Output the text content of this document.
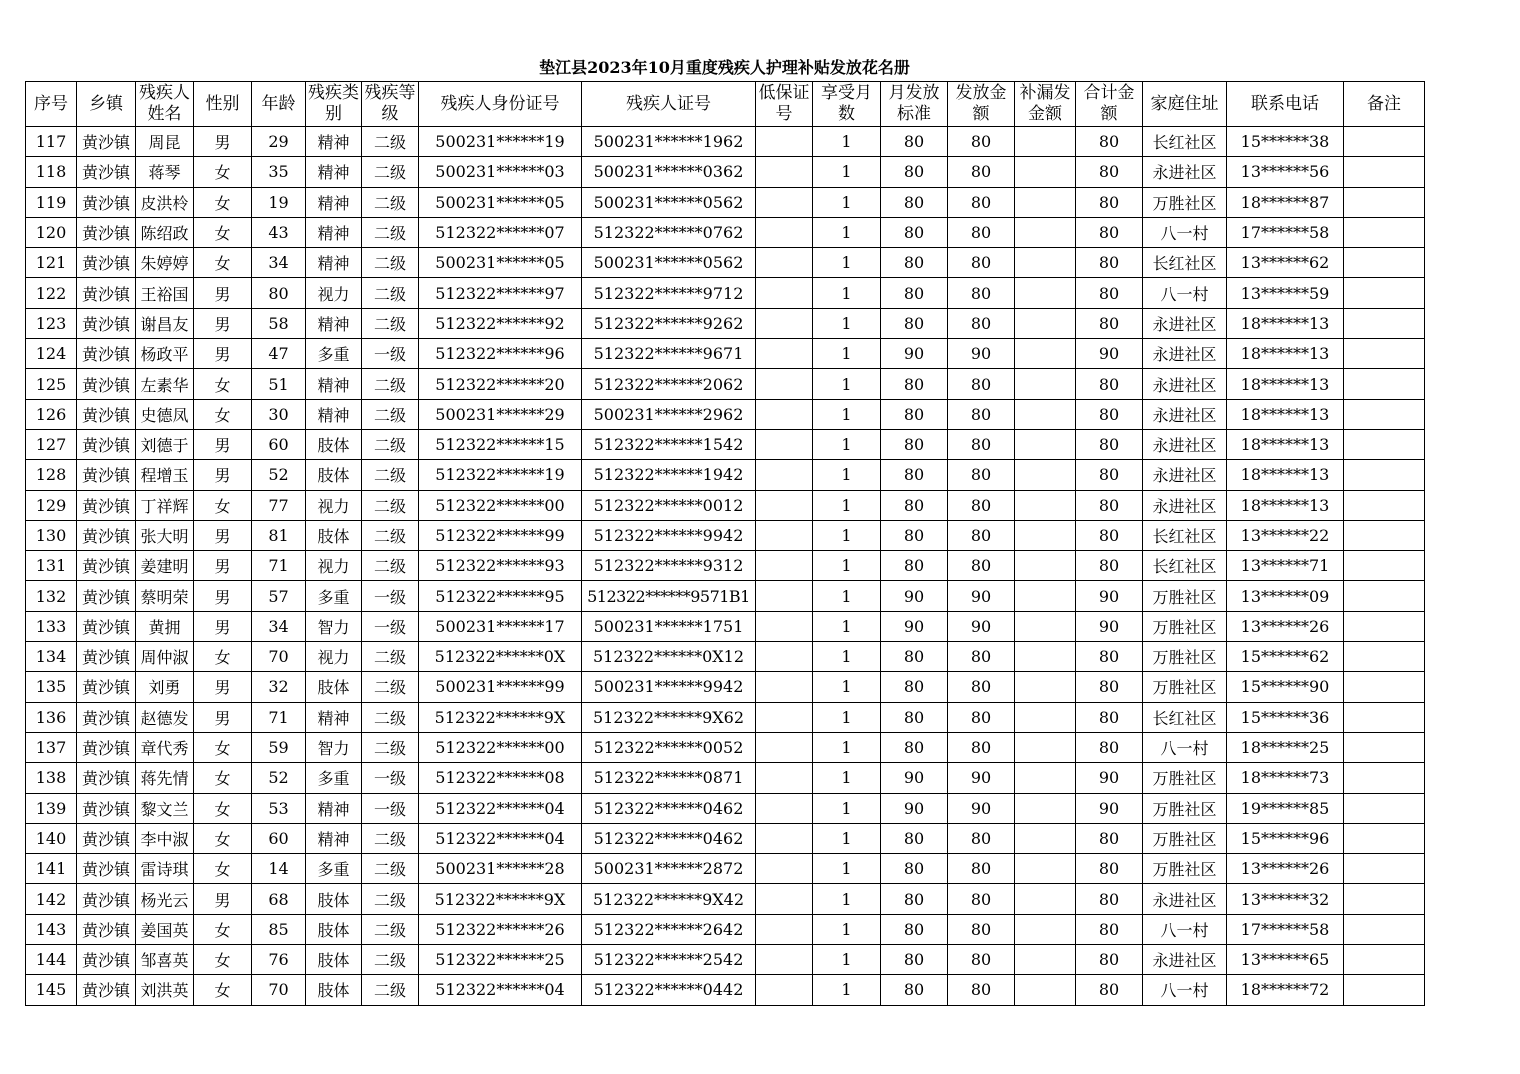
垫江县2023年10月重度残疾人护理补贴发放花名册
序号	乡镇	残疾人姓名	性别	年龄	残疾类别	残疾等级	残疾人身份证号	残疾人证号	低保证号	享受月数	月发放标准	发放金额	补漏发金额	合计金额	家庭住址	联系电话	备注
117	黄沙镇	周昆	男	29	精神	二级	500231******19	500231******1962		1	80	80		80	长红社区	15******38	
118	黄沙镇	蒋琴	女	35	精神	二级	500231******03	500231******0362		1	80	80		80	永进社区	13******56	
119	黄沙镇	皮洪柃	女	19	精神	二级	500231******05	500231******0562		1	80	80		80	万胜社区	18******87	
120	黄沙镇	陈绍政	女	43	精神	二级	512322******07	512322******0762		1	80	80		80	八一村	17******58	
121	黄沙镇	朱婷婷	女	34	精神	二级	500231******05	500231******0562		1	80	80		80	长红社区	13******62	
122	黄沙镇	王裕国	男	80	视力	二级	512322******97	512322******9712		1	80	80		80	八一村	13******59	
123	黄沙镇	谢昌友	男	58	精神	二级	512322******92	512322******9262		1	80	80		80	永进社区	18******13	
124	黄沙镇	杨政平	男	47	多重	一级	512322******96	512322******9671		1	90	90		90	永进社区	18******13	
125	黄沙镇	左素华	女	51	精神	二级	512322******20	512322******2062		1	80	80		80	永进社区	18******13	
126	黄沙镇	史德凤	女	30	精神	二级	500231******29	500231******2962		1	80	80		80	永进社区	18******13	
127	黄沙镇	刘德于	男	60	肢体	二级	512322******15	512322******1542		1	80	80		80	永进社区	18******13	
128	黄沙镇	程增玉	男	52	肢体	二级	512322******19	512322******1942		1	80	80		80	永进社区	18******13	
129	黄沙镇	丁祥辉	女	77	视力	二级	512322******00	512322******0012		1	80	80		80	永进社区	18******13	
130	黄沙镇	张大明	男	81	肢体	二级	512322******99	512322******9942		1	80	80		80	长红社区	13******22	
131	黄沙镇	姜建明	男	71	视力	二级	512322******93	512322******9312		1	80	80		80	长红社区	13******71	
132	黄沙镇	蔡明荣	男	57	多重	一级	512322******95	512322******9571B1		1	90	90		90	万胜社区	13******09	
133	黄沙镇	黄拥	男	34	智力	一级	500231******17	500231******1751		1	90	90		90	万胜社区	13******26	
134	黄沙镇	周仲淑	女	70	视力	二级	512322******0X	512322******0X12		1	80	80		80	万胜社区	15******62	
135	黄沙镇	刘勇	男	32	肢体	二级	500231******99	500231******9942		1	80	80		80	万胜社区	15******90	
136	黄沙镇	赵德发	男	71	精神	二级	512322******9X	512322******9X62		1	80	80		80	长红社区	15******36	
137	黄沙镇	章代秀	女	59	智力	二级	512322******00	512322******0052		1	80	80		80	八一村	18******25	
138	黄沙镇	蒋先情	女	52	多重	一级	512322******08	512322******0871		1	90	90		90	万胜社区	18******73	
139	黄沙镇	黎文兰	女	53	精神	一级	512322******04	512322******0462		1	90	90		90	万胜社区	19******85	
140	黄沙镇	李中淑	女	60	精神	二级	512322******04	512322******0462		1	80	80		80	万胜社区	15******96	
141	黄沙镇	雷诗琪	女	14	多重	二级	500231******28	500231******2872		1	80	80		80	万胜社区	13******26	
142	黄沙镇	杨光云	男	68	肢体	二级	512322******9X	512322******9X42		1	80	80		80	永进社区	13******32	
143	黄沙镇	姜国英	女	85	肢体	二级	512322******26	512322******2642		1	80	80		80	八一村	17******58	
144	黄沙镇	邹喜英	女	76	肢体	二级	512322******25	512322******2542		1	80	80		80	永进社区	13******65	
145	黄沙镇	刘洪英	女	70	肢体	二级	512322******04	512322******0442		1	80	80		80	八一村	18******72	
